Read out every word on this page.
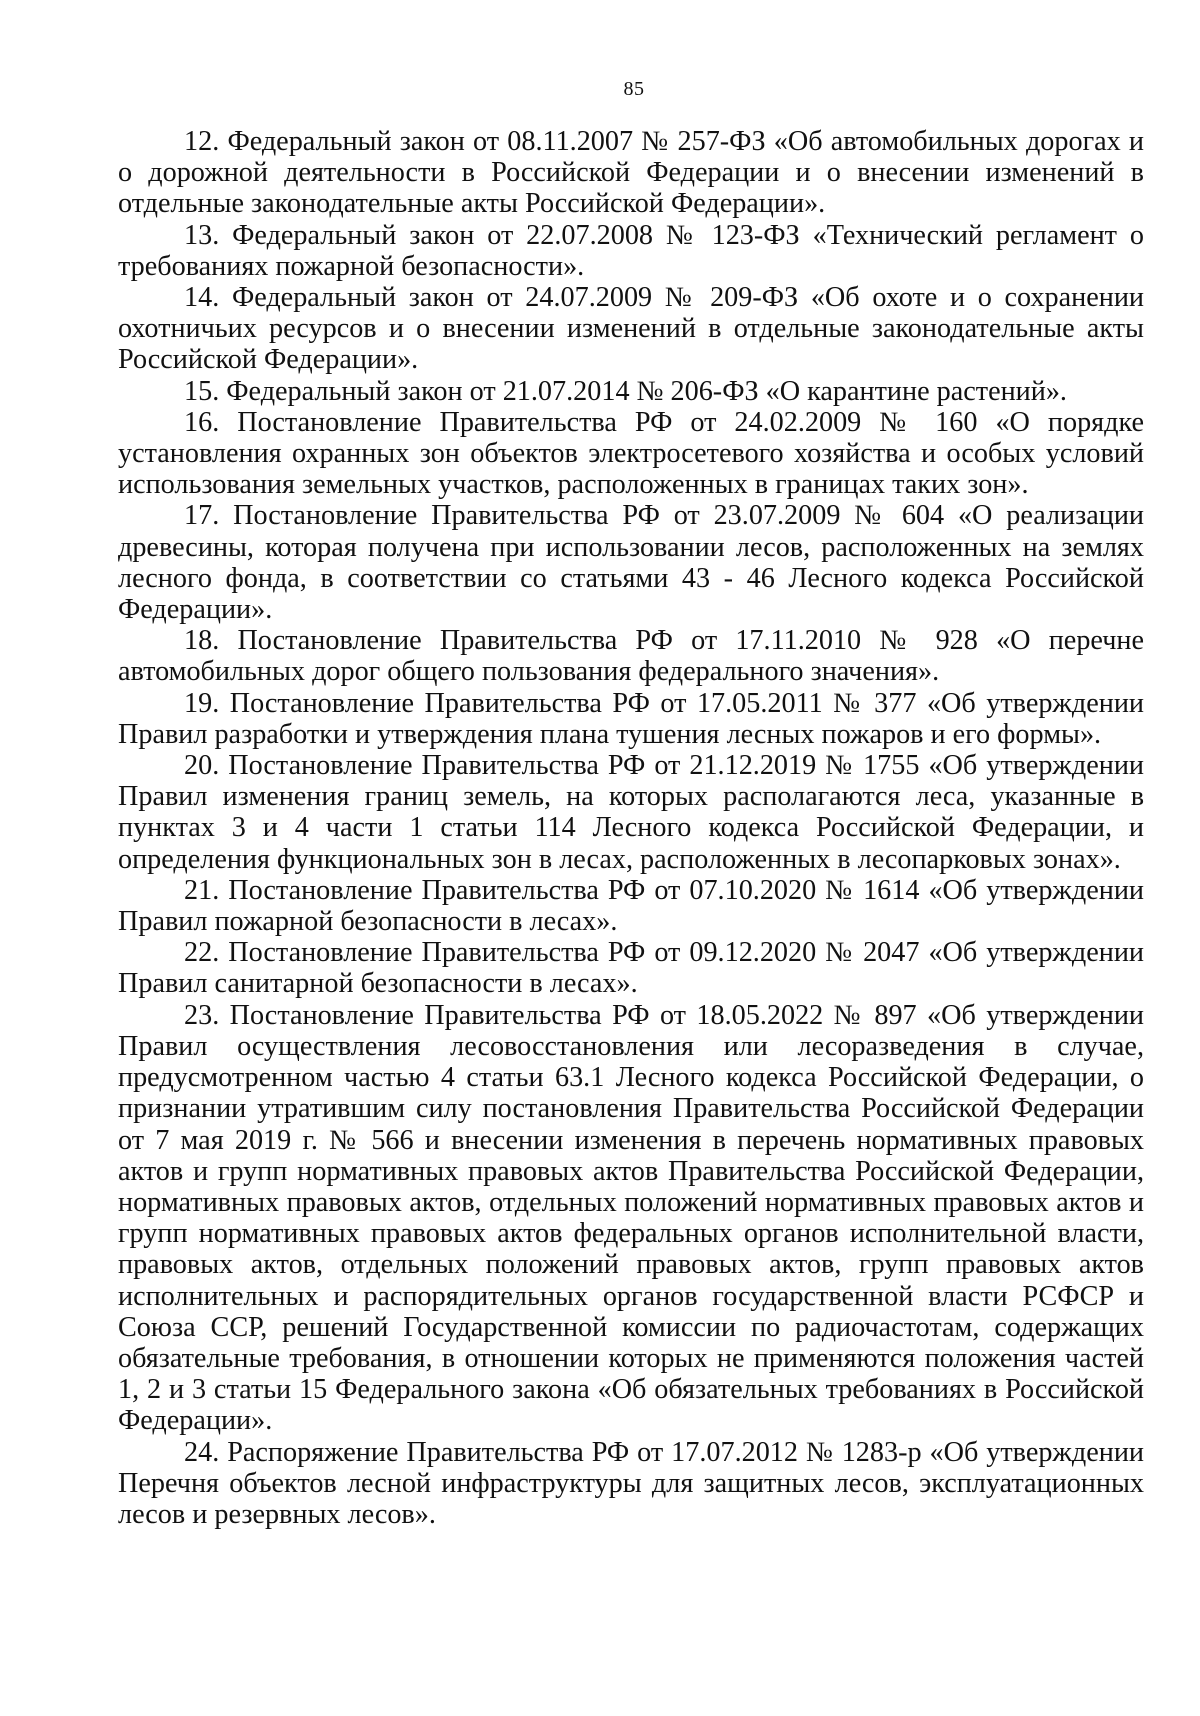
85

12. Федеральный закон от 08.11.2007 № 257-ФЗ «Об автомобильных дорогах и о дорожной деятельности в Российской Федерации и о внесении изменений в отдельные законодательные акты Российской Федерации».

13. Федеральный закон от 22.07.2008 № 123-ФЗ «Технический регламент о требованиях пожарной безопасности».

14. Федеральный закон от 24.07.2009 № 209-ФЗ «Об охоте и о сохранении охотничьих ресурсов и о внесении изменений в отдельные законодательные акты Российской Федерации».

15. Федеральный закон от 21.07.2014 № 206-ФЗ «О карантине растений».

16. Постановление Правительства РФ от 24.02.2009 № 160 «О порядке установления охранных зон объектов электросетевого хозяйства и особых условий использования земельных участков, расположенных в границах таких зон».

17. Постановление Правительства РФ от 23.07.2009 № 604 «О реализации древесины, которая получена при использовании лесов, расположенных на землях лесного фонда, в соответствии со статьями 43 - 46 Лесного кодекса Российской Федерации».

18. Постановление Правительства РФ от 17.11.2010 № 928 «О перечне автомобильных дорог общего пользования федерального значения».

19. Постановление Правительства РФ от 17.05.2011 № 377 «Об утверждении Правил разработки и утверждения плана тушения лесных пожаров и его формы».

20. Постановление Правительства РФ от 21.12.2019 № 1755 «Об утверждении Правил изменения границ земель, на которых располагаются леса, указанные в пунктах 3 и 4 части 1 статьи 114 Лесного кодекса Российской Федерации, и определения функциональных зон в лесах, расположенных в лесопарковых зонах».

21. Постановление Правительства РФ от 07.10.2020 № 1614 «Об утверждении Правил пожарной безопасности в лесах».

22. Постановление Правительства РФ от 09.12.2020 № 2047 «Об утверждении Правил санитарной безопасности в лесах».

23. Постановление Правительства РФ от 18.05.2022 № 897 «Об утверждении Правил осуществления лесовосстановления или лесоразведения в случае, предусмотренном частью 4 статьи 63.1 Лесного кодекса Российской Федерации, о признании утратившим силу постановления Правительства Российской Федерации от 7 мая 2019 г. № 566 и внесении изменения в перечень нормативных правовых актов и групп нормативных правовых актов Правительства Российской Федерации, нормативных правовых актов, отдельных положений нормативных правовых актов и групп нормативных правовых актов федеральных органов исполнительной власти, правовых актов, отдельных положений правовых актов, групп правовых актов исполнительных и распорядительных органов государственной власти РСФСР и Союза ССР, решений Государственной комиссии по радиочастотам, содержащих обязательные требования, в отношении которых не применяются положения частей 1, 2 и 3 статьи 15 Федерального закона «Об обязательных требованиях в Российской Федерации».

24. Распоряжение Правительства РФ от 17.07.2012 № 1283-р «Об утверждении Перечня объектов лесной инфраструктуры для защитных лесов, эксплуатационных лесов и резервных лесов».
